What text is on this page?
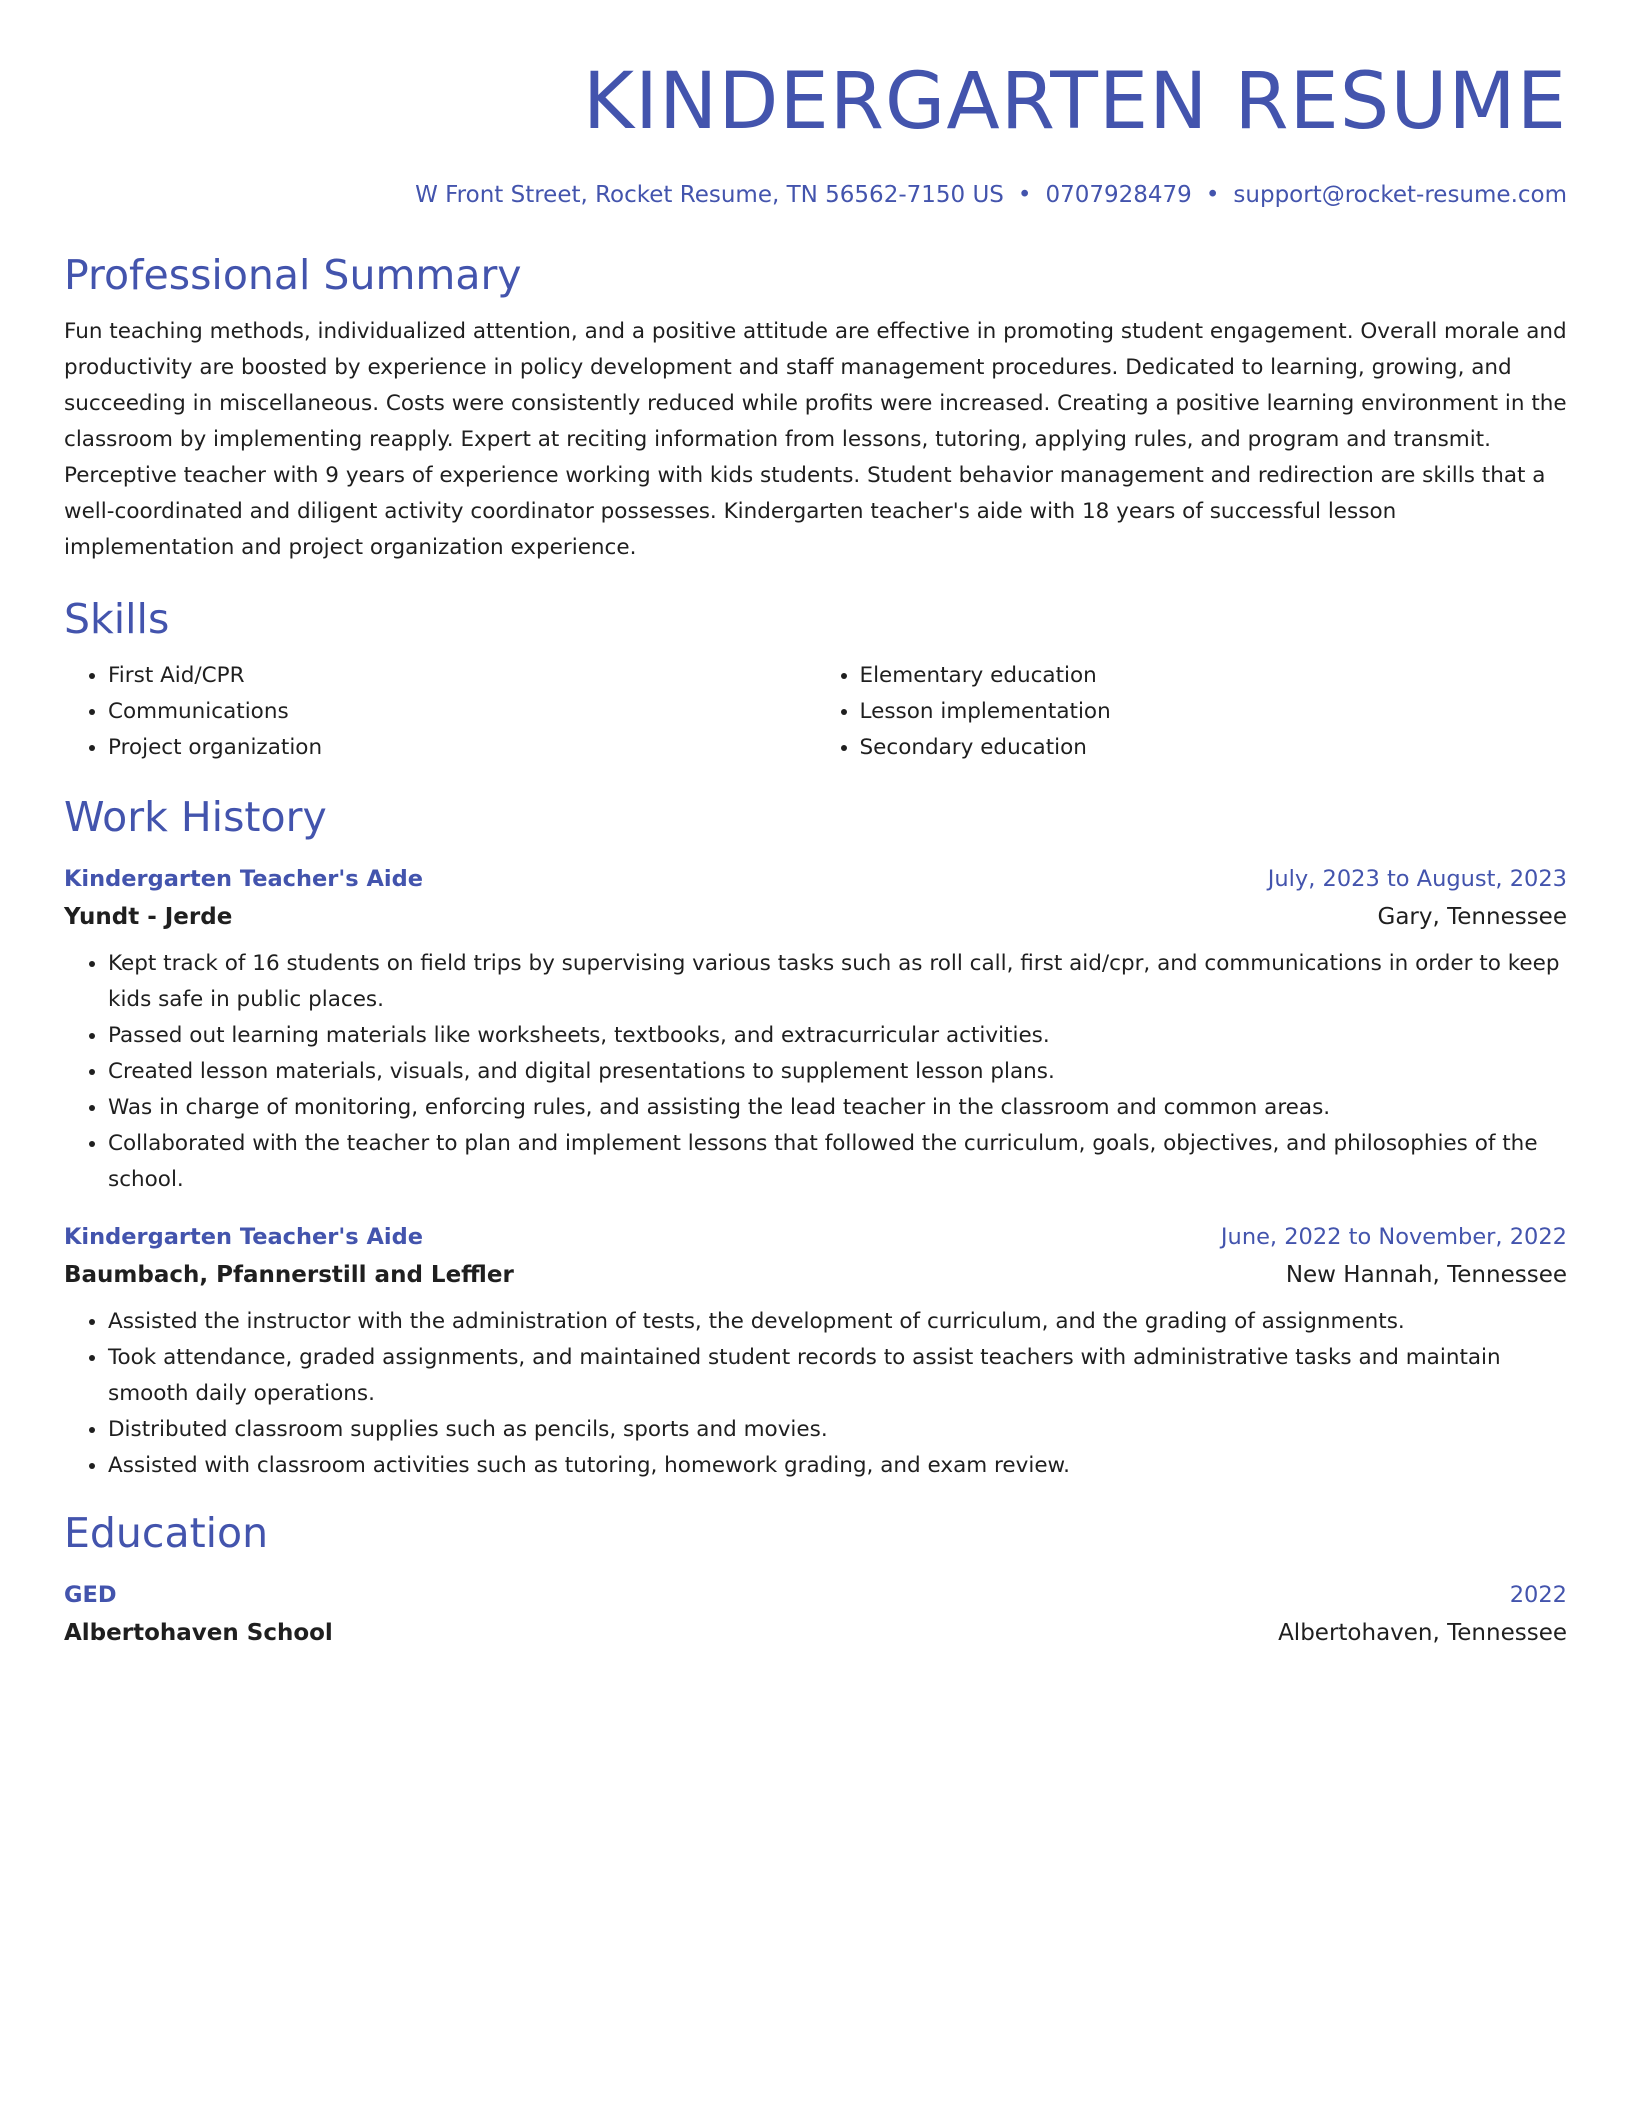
KINDERGARTEN RESUME
W Front Street, Rocket Resume, TN 56562-7150 US • 0707928479 • support@rocket-resume.com
Professional Summary
Fun teaching methods, individualized attention, and a positive attitude are effective in promoting student engagement. Overall morale and productivity are boosted by experience in policy development and staff management procedures. Dedicated to learning, growing, and succeeding in miscellaneous. Costs were consistently reduced while profits were increased. Creating a positive learning environment in the classroom by implementing reapply. Expert at reciting information from lessons, tutoring, applying rules, and program and transmit. Perceptive teacher with 9 years of experience working with kids students. Student behavior management and redirection are skills that a well-coordinated and diligent activity coordinator possesses. Kindergarten teacher's aide with 18 years of successful lesson implementation and project organization experience.
Skills
• First Aid/CPR
• Communications
• Project organization
• Elementary education
• Lesson implementation
• Secondary education
Work History
Kindergarten Teacher's Aide	July, 2023 to August, 2023
Yundt - Jerde	Gary, Tennessee
• Kept track of 16 students on field trips by supervising various tasks such as roll call, first aid/cpr, and communications in order to keep kids safe in public places.
• Passed out learning materials like worksheets, textbooks, and extracurricular activities.
• Created lesson materials, visuals, and digital presentations to supplement lesson plans.
• Was in charge of monitoring, enforcing rules, and assisting the lead teacher in the classroom and common areas.
• Collaborated with the teacher to plan and implement lessons that followed the curriculum, goals, objectives, and philosophies of the school.
Kindergarten Teacher's Aide	June, 2022 to November, 2022
Baumbach, Pfannerstill and Leffler	New Hannah, Tennessee
• Assisted the instructor with the administration of tests, the development of curriculum, and the grading of assignments.
• Took attendance, graded assignments, and maintained student records to assist teachers with administrative tasks and maintain smooth daily operations.
• Distributed classroom supplies such as pencils, sports and movies.
• Assisted with classroom activities such as tutoring, homework grading, and exam review.
Education
GED	2022
Albertohaven School	Albertohaven, Tennessee
